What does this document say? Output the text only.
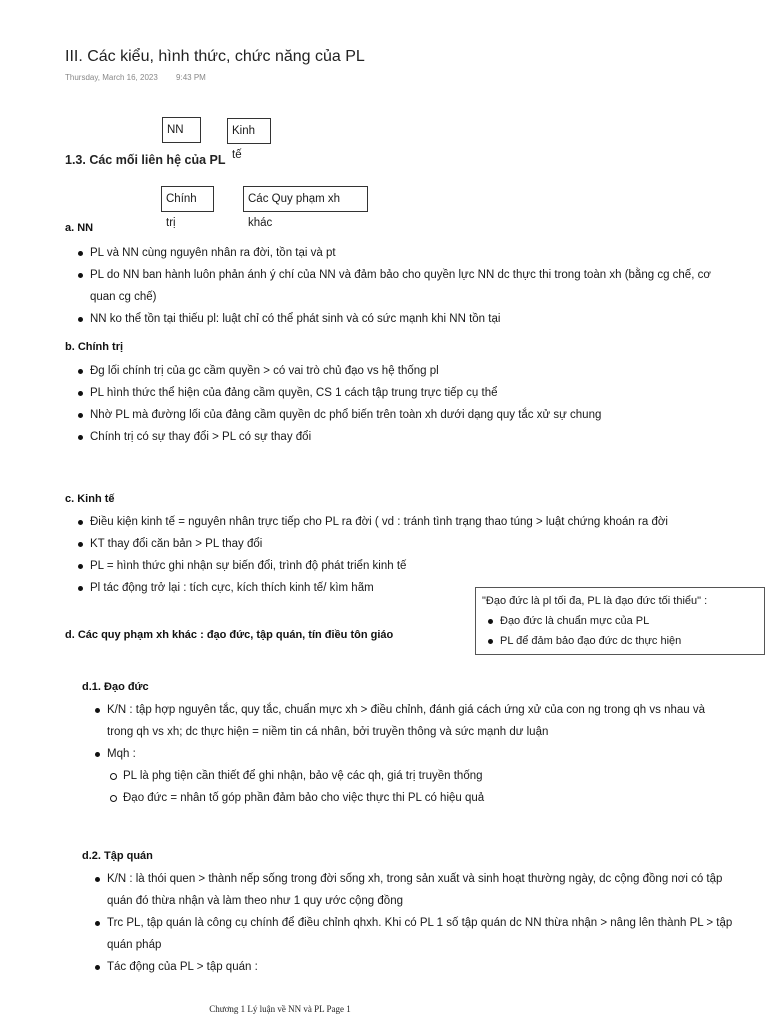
III. Các kiểu, hình thức, chức năng của PL
Thursday, March 16, 2023 9:43 PM
NN	Kinh tế
1.3. Các mối liên hệ của PL
Chính trị
Các Quy phạm xh khác

a. NN

PL và NN cùng nguyên nhân ra đời, tồn tại và pt
PL do NN ban hành luôn phản ánh ý chí của NN và đảm bảo cho quyền lực NN dc thực thi trong toàn xh (bằng cg chế, cơ quan cg chế)
NN ko thể tồn tại thiếu pl: luật chỉ có thể phát sinh và có sức mạnh khi NN tồn tại

b. Chính trị

Đg lối chính trị của gc cầm quyền > có vai trò chủ đạo vs hệ thống pl
PL hình thức thể hiện của đảng cầm quyền, CS 1 cách tập trung trực tiếp cụ thể
Nhờ PL mà đường lối của đảng cầm quyền dc phổ biến trên toàn xh dưới dạng quy tắc xử sự chung
Chính trị có sự thay đổi > PL có sự thay đổi

c. Kinh tế

Điều kiện kinh tế = nguyên nhân trực tiếp cho PL ra đời ( vd : tránh tình trạng thao túng > luật chứng khoán ra đời
KT thay đổi căn bản > PL thay đổi
PL = hình thức ghi nhận sự biến đổi, trình độ phát triển kinh tế
Pl tác động trở lại : tích cực, kích thích kinh tế/ kìm hãm
"Đạo đức là pl tối đa, PL là đạo đức tối thiểu" :
Đạo đức là chuẩn mực của PL
PL để đảm bảo đạo đức dc thực hiện

d. Các quy phạm xh khác : đạo đức, tập quán, tín điều tôn giáo

d.1. Đạo đức

K/N : tập hợp nguyên tắc, quy tắc, chuẩn mực xh > điều chỉnh, đánh giá cách ứng xử của con ng trong qh vs nhau và trong qh vs xh; dc thực hiện = niềm tin cá nhân, bởi truyền thông và sức mạnh dư luận
Mqh :
PL là phg tiện cần thiết để ghi nhận, bảo vệ các qh, giá trị truyền thống
Đạo đức = nhân tố góp phần đảm bảo cho việc thực thi PL có hiệu quả

d.2. Tập quán

K/N : là thói quen > thành nếp sống trong đời sống xh, trong sản xuất và sinh hoạt thường ngày, dc cộng đồng nơi có tập quán đó thừa nhận và làm theo như 1 quy ước cộng đồng
Trc PL, tập quán là công cụ chính để điều chỉnh qhxh. Khi có PL 1 số tập quán dc NN thừa nhận > nâng lên thành PL > tập quán pháp
Tác động của PL > tập quán :
Chương 1 Lý luận về NN và PL Page 1
